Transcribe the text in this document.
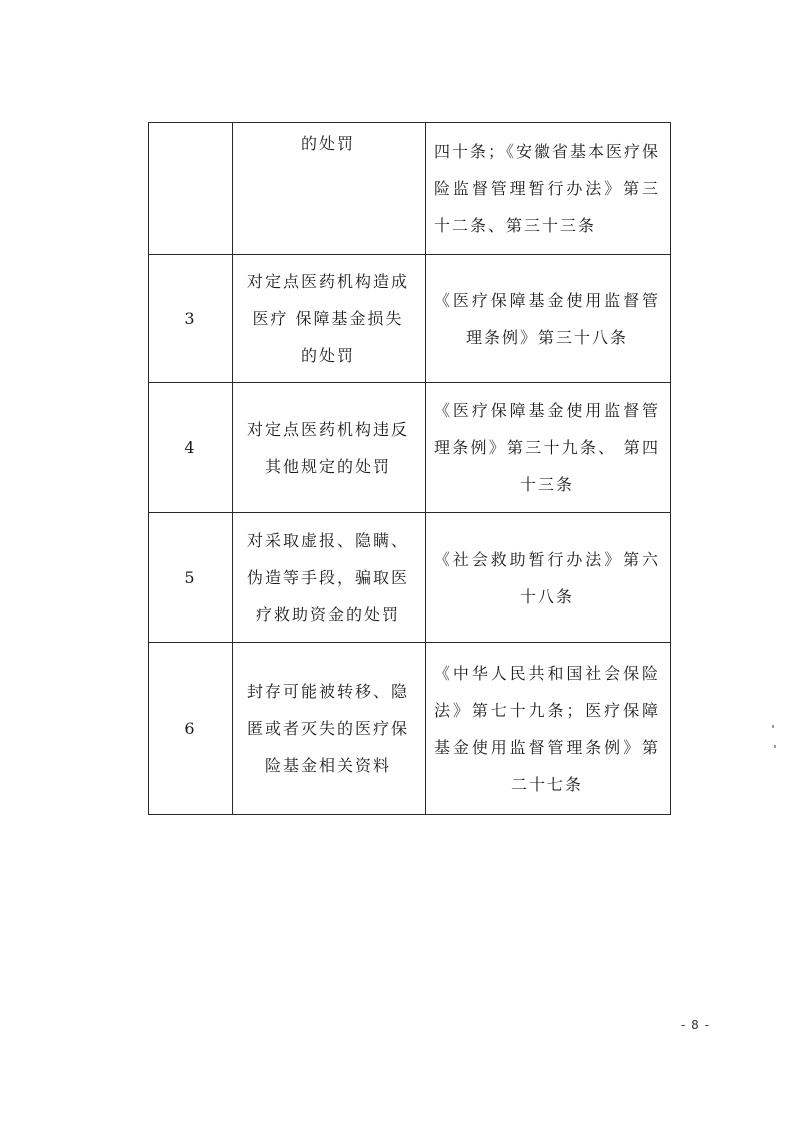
	的处罚	四十条；《安徽省基本医疗保险监督管理暂行办法》第三十二条、第三十三条
3	对定点医药机构造成医疗 保障基金损失的处罚	《医疗保障基金使用监督管理条例》第三十八条
4	对定点医药机构违反其他规定的处罚	《医疗保障基金使用监督管理条例》第三十九条、 第四十三条
5	对采取虚报、隐瞒、伪造等手段，骗取医疗救助资金的处罚	《社会救助暂行办法》第六十八条
6	封存可能被转移、隐匿或者灭失的医疗保险基金相关资料	《中华人民共和国社会保险法》第七十九条；医疗保障基金使用监督管理条例》第二十七条
- 8 -
